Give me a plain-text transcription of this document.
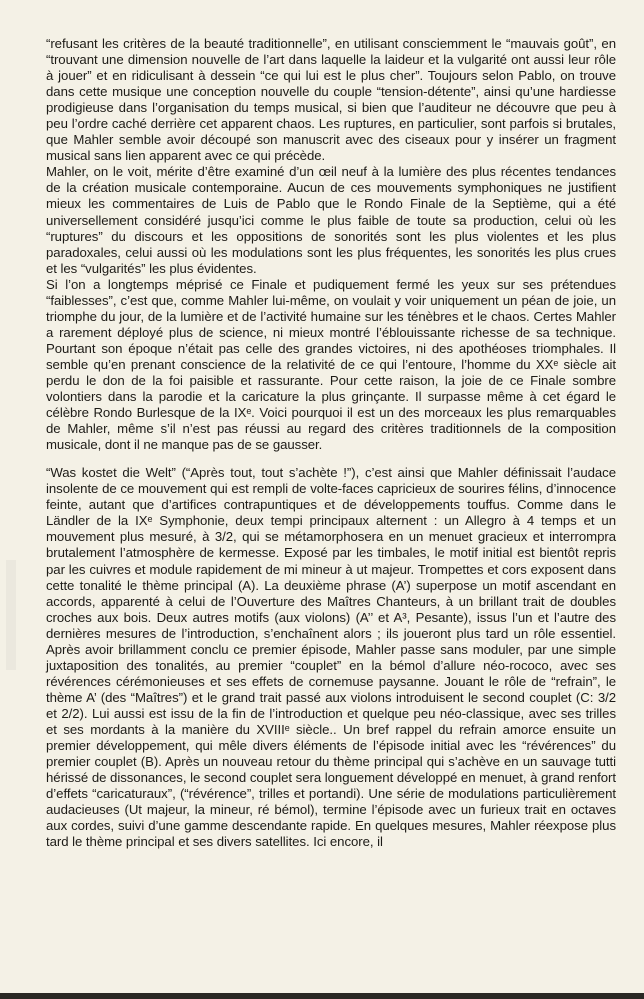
“refusant les critères de la beauté traditionnelle”, en utilisant consciemment le “mauvais goût”, en “trouvant une dimension nouvelle de l’art dans laquelle la laideur et la vulgarité ont aussi leur rôle à jouer” et en ridiculisant à dessein “ce qui lui est le plus cher”. Toujours selon Pablo, on trouve dans cette musique une conception nouvelle du couple “tension-détente”, ainsi qu’une hardiesse prodigieuse dans l’organisation du temps musical, si bien que l’auditeur ne découvre que peu à peu l’ordre caché derrière cet apparent chaos. Les ruptures, en particulier, sont parfois si brutales, que Mahler semble avoir découpé son manuscrit avec des ciseaux pour y insérer un fragment musical sans lien apparent avec ce qui précède.

Mahler, on le voit, mérite d’être examiné d’un œil neuf à la lumière des plus récentes tendances de la création musicale contemporaine. Aucun de ces mouvements symphoniques ne justifient mieux les commentaires de Luis de Pablo que le Rondo Finale de la Septième, qui a été universellement considéré jusqu’ici comme le plus faible de toute sa production, celui où les “ruptures” du discours et les oppositions de sonorités sont les plus violentes et les plus paradoxales, celui aussi où les modulations sont les plus fréquentes, les sonorités les plus crues et les “vulgarités” les plus évidentes.

Si l’on a longtemps méprisé ce Finale et pudiquement fermé les yeux sur ses prétendues “faiblesses”, c’est que, comme Mahler lui-même, on voulait y voir uniquement un péan de joie, un triomphe du jour, de la lumière et de l’activité humaine sur les ténèbres et le chaos. Certes Mahler a rarement déployé plus de science, ni mieux montré l’éblouissante richesse de sa technique. Pourtant son époque n’était pas celle des grandes victoires, ni des apothéoses triomphales. Il semble qu’en prenant conscience de la relativité de ce qui l’entoure, l’homme du XXᵉ siècle ait perdu le don de la foi paisible et rassurante. Pour cette raison, la joie de ce Finale sombre volontiers dans la parodie et la caricature la plus grinçante. Il surpasse même à cet égard le célèbre Rondo Burlesque de la IXᵉ. Voici pourquoi il est un des morceaux les plus remarquables de Mahler, même s’il n’est pas réussi au regard des critères traditionnels de la composition musicale, dont il ne manque pas de se gausser.

“Was kostet die Welt” (“Après tout, tout s’achète !”), c’est ainsi que Mahler définissait l’audace insolente de ce mouvement qui est rempli de volte-faces capricieux de sourires félins, d’innocence feinte, autant que d’artifices contrapuntiques et de développements touffus. Comme dans le Ländler de la IXᵉ Symphonie, deux tempi principaux alternent : un Allegro à 4 temps et un mouvement plus mesuré, à 3/2, qui se métamorphosera en un menuet gracieux et interrompra brutalement l’atmosphère de kermesse. Exposé par les timbales, le motif initial est bientôt repris par les cuivres et module rapidement de mi mineur à ut majeur. Trompettes et cors exposent dans cette tonalité le thème principal (A). La deuxième phrase (A’) superpose un motif ascendant en accords, apparenté à celui de l’Ouverture des Maîtres Chanteurs, à un brillant trait de doubles croches aux bois. Deux autres motifs (aux violons) (A’’ et A³, Pesante), issus l’un et l’autre des dernières mesures de l’introduction, s’enchaînent alors ; ils joueront plus tard un rôle essentiel. Après avoir brillamment conclu ce premier épisode, Mahler passe sans moduler, par une simple juxtaposition des tonalités, au premier “couplet” en la bémol d’allure néo-rococo, avec ses révérences cérémonieuses et ses effets de cornemuse paysanne. Jouant le rôle de “refrain”, le thème A’ (des “Maîtres”) et le grand trait passé aux violons introduisent le second couplet (C: 3/2 et 2/2). Lui aussi est issu de la fin de l’introduction et quelque peu néo-classique, avec ses trilles et ses mordants à la manière du XVIIIᵉ siècle.. Un bref rappel du refrain amorce ensuite un premier développement, qui mêle divers éléments de l’épisode initial avec les “révérences” du premier couplet (B). Après un nouveau retour du thème principal qui s’achève en un sauvage tutti hérissé de dissonances, le second couplet sera longuement développé en menuet, à grand renfort d’effets “caricaturaux”, (“révérence”, trilles et portandi). Une série de modulations particulièrement audacieuses (Ut majeur, la mineur, ré bémol), termine l’épisode avec un furieux trait en octaves aux cordes, suivi d’une gamme descendante rapide. En quelques mesures, Mahler réexpose plus tard le thème principal et ses divers satellites. Ici encore, il
